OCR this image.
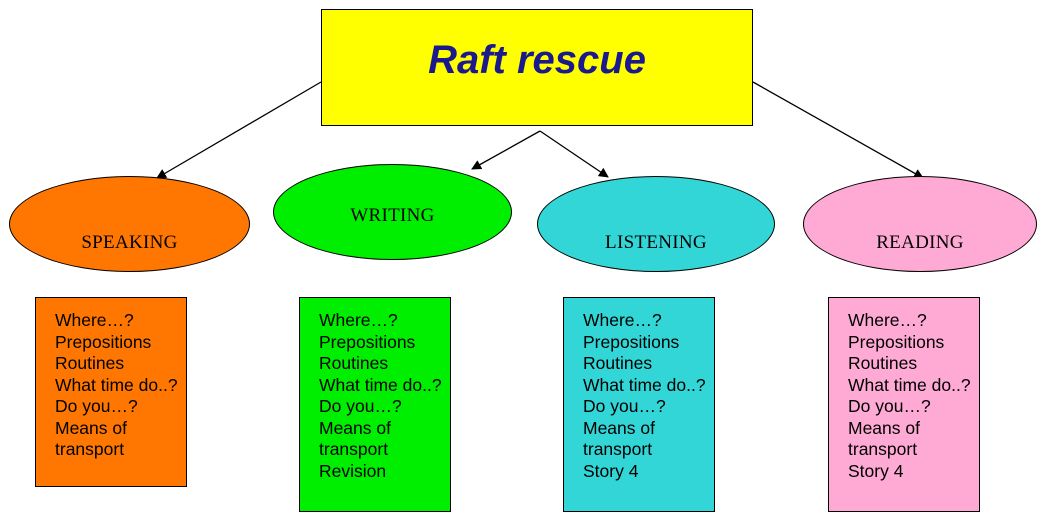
Raft rescue
SPEAKING
Where…?
Prepositions
Routines
What time do..?
Do you…?
Means of
transport
WRITING
Where…?
Prepositions
Routines
What time do..?
Do you…?
Means of
transport
Revision
LISTENING
Where…?
Prepositions
Routines
What time do..?
Do you…?
Means of
transport
Story 4
READING
Where…?
Prepositions
Routines
What time do..?
Do you…?
Means of
transport
Story 4
